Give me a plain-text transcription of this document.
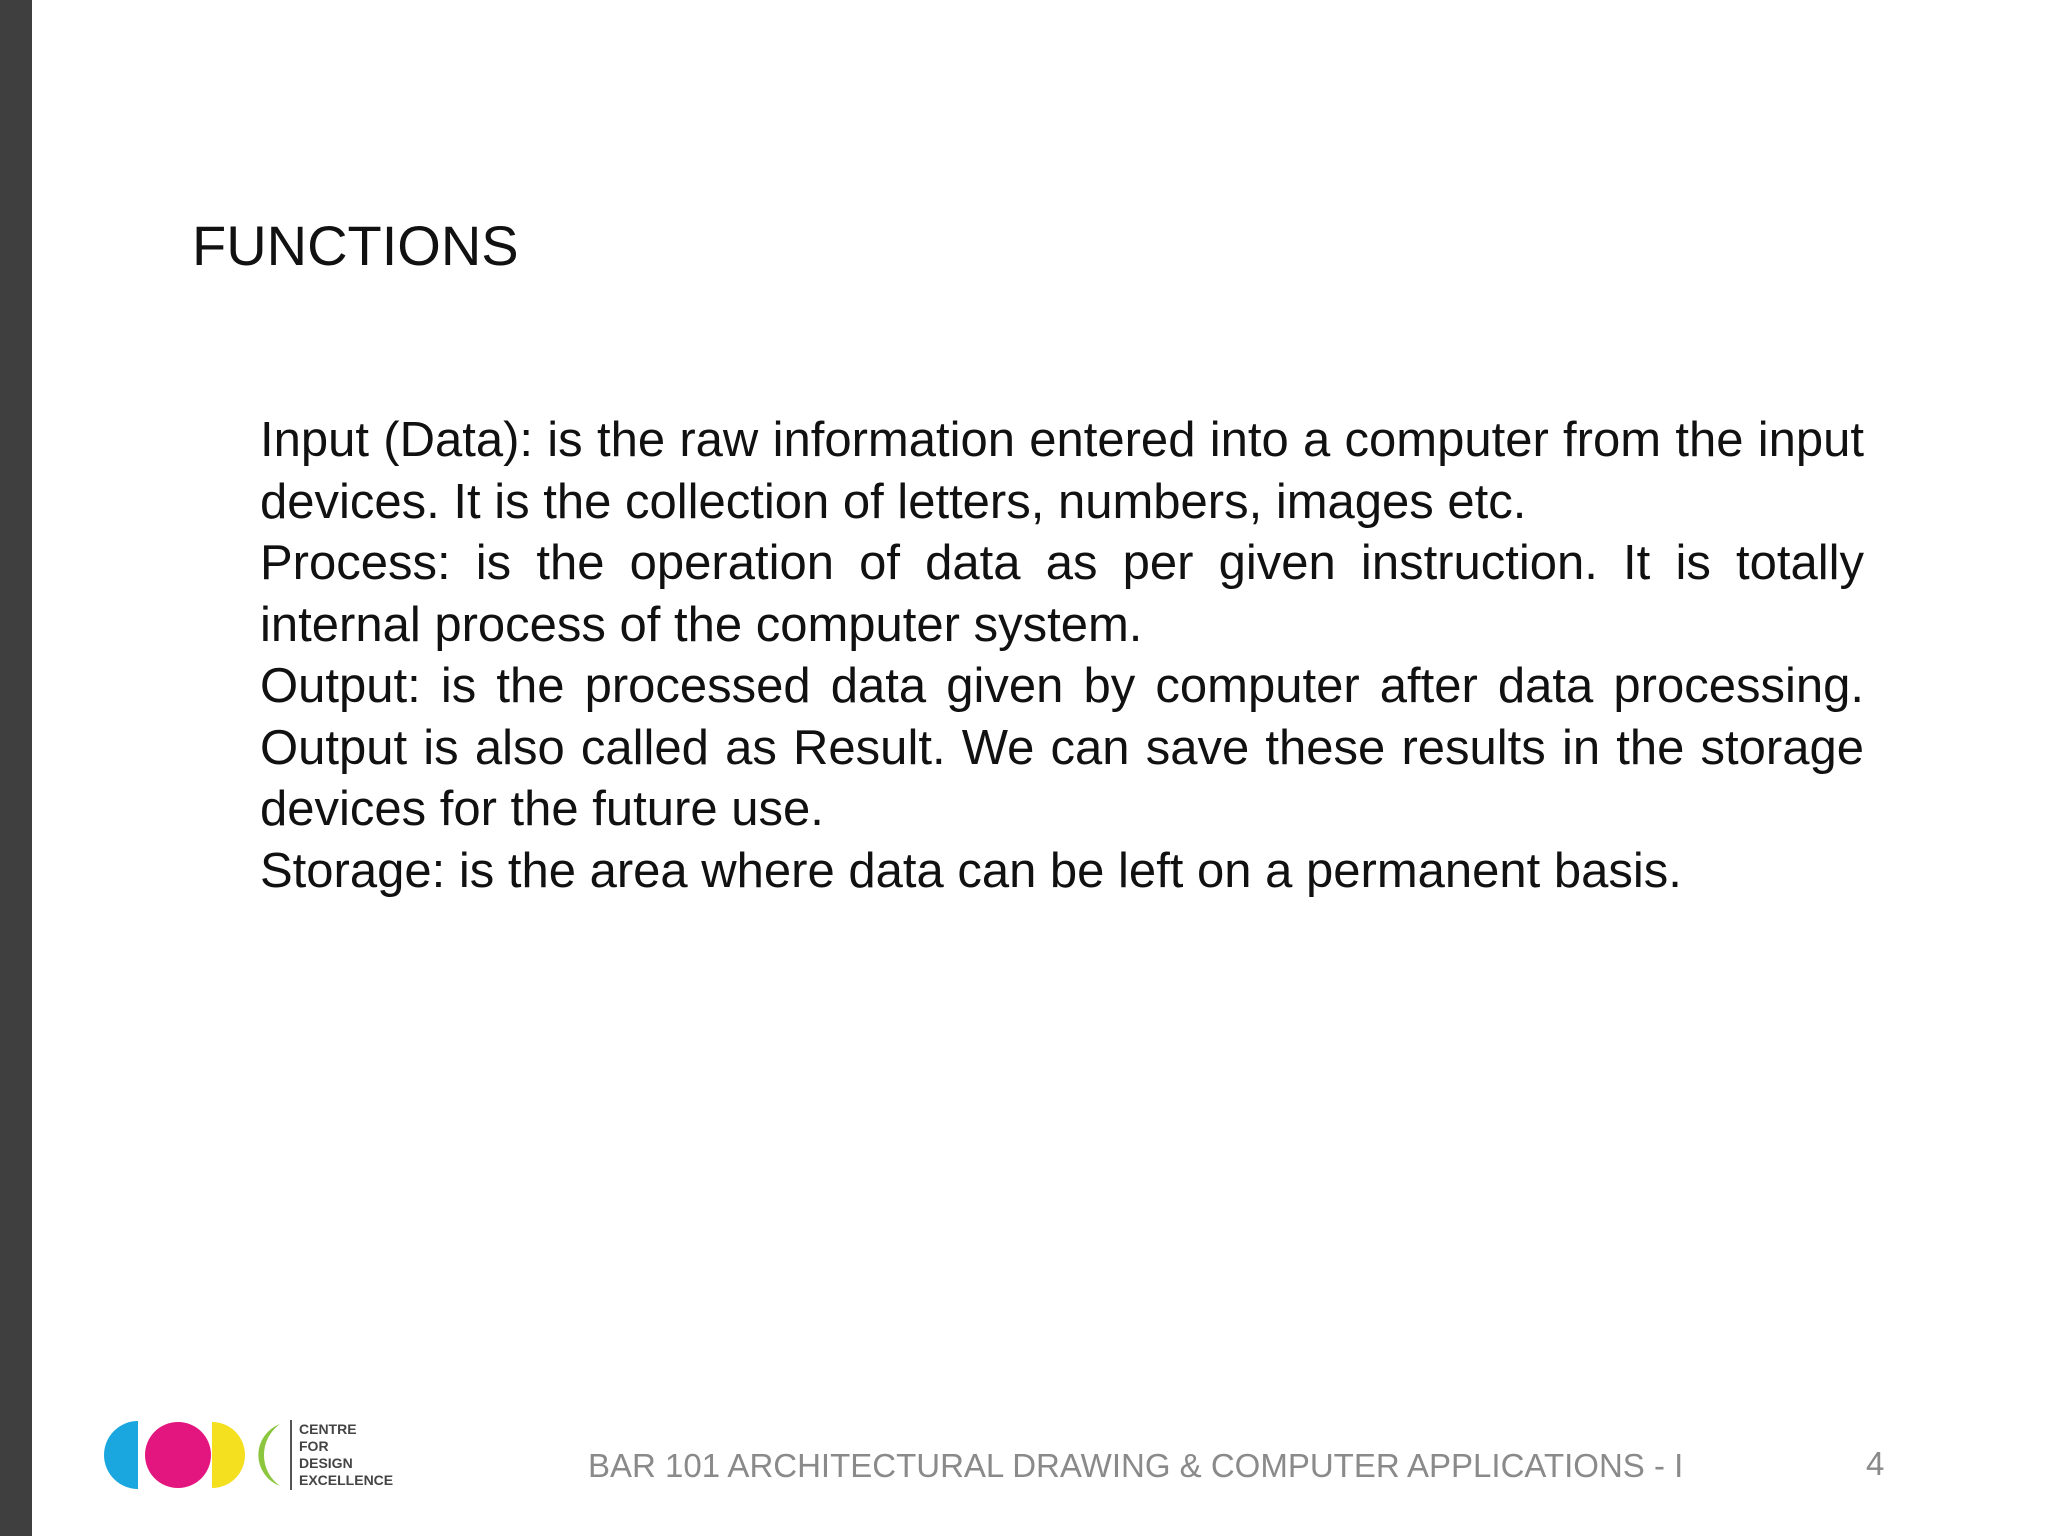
FUNCTIONS

Input (Data): is the raw information entered into a computer from the input devices. It is the collection of letters, numbers, images etc.

Process: is the operation of data as per given instruction. It is totally internal process of the computer system.

Output: is the processed data given by computer after data processing. Output is also called as Result. We can save these results in the storage devices for the future use.

Storage: is the area where data can be left on a permanent basis.

CENTRE
FOR
DESIGN
EXCELLENCE	BAR 101 ARCHITECTURAL DRAWING & COMPUTER APPLICATIONS - I	4
